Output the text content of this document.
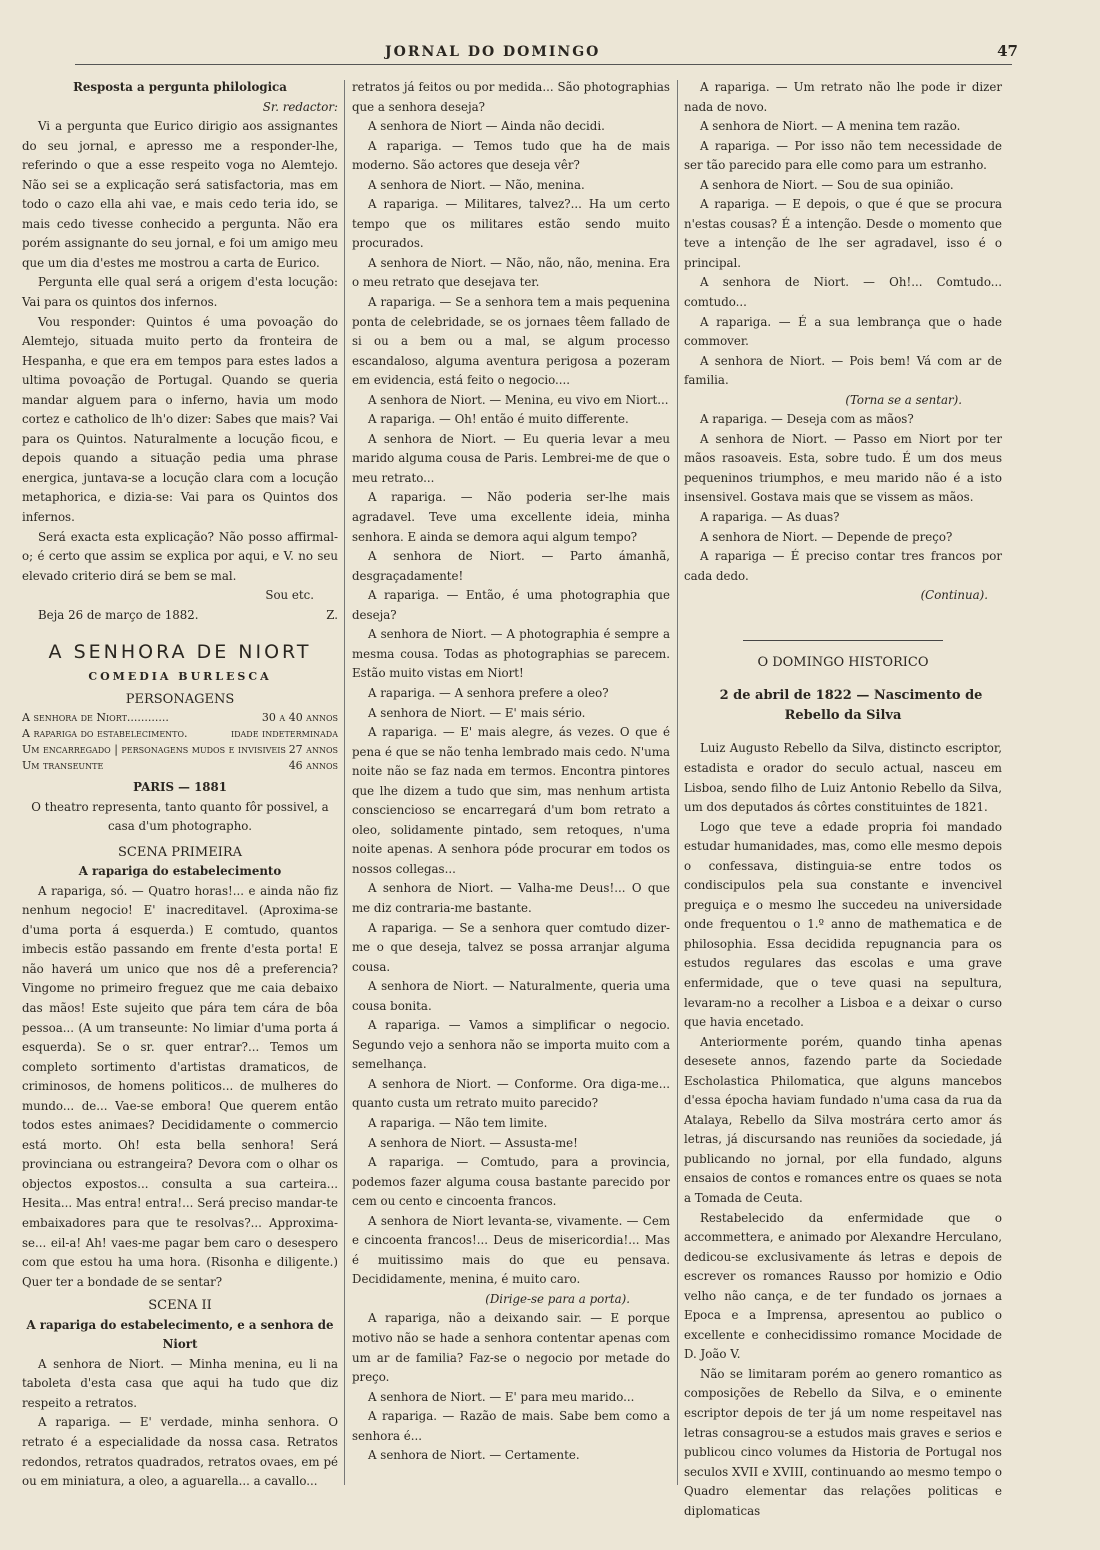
JORNAL DO DOMINGO	47

Resposta a pergunta philologica

Sr. redactor:

Vi a pergunta que Eurico dirigio aos assignantes do seu jornal, e apresso me a responder-lhe, referindo o que a esse respeito voga no Alemtejo. Não sei se a explicação será satisfactoria, mas em todo o cazo ella ahi vae, e mais cedo teria ido, se mais cedo tivesse conhecido a pergunta. Não era porém assignante do seu jornal, e foi um amigo meu que um dia d'estes me mostrou a carta de Eurico.

Pergunta elle qual será a origem d'esta locução: Vai para os quintos dos infernos.

Vou responder: Quintos é uma povoação do Alemtejo, situada muito perto da fronteira de Hespanha, e que era em tempos para estes lados a ultima povoação de Portugal. Quando se queria mandar alguem para o inferno, havia um modo cortez e catholico de lh'o dizer: Sabes que mais? Vai para os Quintos. Naturalmente a locução ficou, e depois quando a situação pedia uma phrase energica, juntava-se a locução clara com a locução metaphorica, e dizia-se: Vai para os Quintos dos infernos.

Será exacta esta explicação? Não posso affirmal-o; é certo que assim se explica por aqui, e V. no seu elevado criterio dirá se bem se mal.

Sou etc.

Beja 26 de março de 1882.	Z.
A SENHORA DE NIORT
COMEDIA BURLESCA
PERSONAGENS
A senhora de Niort............	30 a 40 annos
A rapariga do estabelecimento.	idade indeterminada
Um encarregado | personagens mudos e invisiveis 27 annos
Um transeunte	46 annos

PARIS — 1881

O theatro representa, tanto quanto fôr possivel, a casa d'um photographo.

SCENA PRIMEIRA

A rapariga do estabelecimento

A rapariga, só. — Quatro horas!... e ainda não fiz nenhum negocio! E' inacreditavel. (Aproxima-se d'uma porta á esquerda.) E comtudo, quantos imbecis estão passando em frente d'esta porta! E não haverá um unico que nos dê a preferencia? Vingome no primeiro freguez que me caia debaixo das mãos! Este sujeito que pára tem cára de bôa pessoa... (A um transeunte: No limiar d'uma porta á esquerda). Se o sr. quer entrar?... Temos um completo sortimento d'artistas dramaticos, de criminosos, de homens politicos... de mulheres do mundo... de... Vae-se embora! Que querem então todos estes animaes? Decididamente o commercio está morto. Oh! esta bella senhora! Será provinciana ou estrangeira? Devora com o olhar os objectos expostos... consulta a sua carteira... Hesita... Mas entra! entra!... Será preciso mandar-te embaixadores para que te resolvas?... Approxima-se... eil-a! Ah! vaes-me pagar bem caro o desespero com que estou ha uma hora. (Risonha e diligente.) Quer ter a bondade de se sentar?

SCENA II

A rapariga do estabelecimento, e a senhora de Niort

A senhora de Niort. — Minha menina, eu li na taboleta d'esta casa que aqui ha tudo que diz respeito a retratos.

A rapariga. — E' verdade, minha senhora. O retrato é a especialidade da nossa casa. Retratos redondos, retratos quadrados, retratos ovaes, em pé ou em miniatura, a oleo, a aguarella... a cavallo...

retratos já feitos ou por medida... São photographias que a senhora deseja?

A senhora de Niort — Ainda não decidi.

A rapariga. — Temos tudo que ha de mais moderno. São actores que deseja vêr?

A senhora de Niort. — Não, menina.

A rapariga. — Militares, talvez?... Ha um certo tempo que os militares estão sendo muito procurados.

A senhora de Niort. — Não, não, não, menina. Era o meu retrato que desejava ter.

A rapariga. — Se a senhora tem a mais pequenina ponta de celebridade, se os jornaes têem fallado de si ou a bem ou a mal, se algum processo escandaloso, alguma aventura perigosa a pozeram em evidencia, está feito o negocio....

A senhora de Niort. — Menina, eu vivo em Niort...

A rapariga. — Oh! então é muito differente.

A senhora de Niort. — Eu queria levar a meu marido alguma cousa de Paris. Lembrei-me de que o meu retrato...

A rapariga. — Não poderia ser-lhe mais agradavel. Teve uma excellente ideia, minha senhora. E ainda se demora aqui algum tempo?

A senhora de Niort. — Parto ámanhã, desgraçadamente!

A rapariga. — Então, é uma photographia que deseja?

A senhora de Niort. — A photographia é sempre a mesma cousa. Todas as photographias se parecem. Estão muito vistas em Niort!

A rapariga. — A senhora prefere a oleo?

A senhora de Niort. — E' mais sério.

A rapariga. — E' mais alegre, ás vezes. O que é pena é que se não tenha lembrado mais cedo. N'uma noite não se faz nada em termos. Encontra pintores que lhe dizem a tudo que sim, mas nenhum artista consciencioso se encarregará d'um bom retrato a oleo, solidamente pintado, sem retoques, n'uma noite apenas. A senhora póde procurar em todos os nossos collegas...

A senhora de Niort. — Valha-me Deus!... O que me diz contraria-me bastante.

A rapariga. — Se a senhora quer comtudo dizer-me o que deseja, talvez se possa arranjar alguma cousa.

A senhora de Niort. — Naturalmente, queria uma cousa bonita.

A rapariga. — Vamos a simplificar o negocio. Segundo vejo a senhora não se importa muito com a semelhança.

A senhora de Niort. — Conforme. Ora diga-me... quanto custa um retrato muito parecido?

A rapariga. — Não tem limite.

A senhora de Niort. — Assusta-me!

A rapariga. — Comtudo, para a provincia, podemos fazer alguma cousa bastante parecido por cem ou cento e cincoenta francos.

A senhora de Niort levanta-se, vivamente. — Cem e cincoenta francos!... Deus de misericordia!... Mas é muitissimo mais do que eu pensava. Decididamente, menina, é muito caro.

(Dirige-se para a porta).

A rapariga, não a deixando sair. — E porque motivo não se hade a senhora contentar apenas com um ar de familia? Faz-se o negocio por metade do preço.

A senhora de Niort. — E' para meu marido...

A rapariga. — Razão de mais. Sabe bem como a senhora é...

A senhora de Niort. — Certamente.

A rapariga. — Um retrato não lhe pode ir dizer nada de novo.

A senhora de Niort. — A menina tem razão.

A rapariga. — Por isso não tem necessidade de ser tão parecido para elle como para um estranho.

A senhora de Niort. — Sou de sua opinião.

A rapariga. — E depois, o que é que se procura n'estas cousas? É a intenção. Desde o momento que teve a intenção de lhe ser agradavel, isso é o principal.

A senhora de Niort. — Oh!... Comtudo... comtudo...

A rapariga. — É a sua lembrança que o hade commover.

A senhora de Niort. — Pois bem! Vá com ar de familia.

(Torna se a sentar).

A rapariga. — Deseja com as mãos?

A senhora de Niort. — Passo em Niort por ter mãos rasoaveis. Esta, sobre tudo. É um dos meus pequeninos triumphos, e meu marido não é a isto insensivel. Gostava mais que se vissem as mãos.

A rapariga. — As duas?

A senhora de Niort. — Depende de preço?

A rapariga — É preciso contar tres francos por cada dedo.

(Continua).

O DOMINGO HISTORICO

2 de abril de 1822 — Nascimento de Rebello da Silva

Luiz Augusto Rebello da Silva, distincto escriptor, estadista e orador do seculo actual, nasceu em Lisboa, sendo filho de Luiz Antonio Rebello da Silva, um dos deputados ás côrtes constituintes de 1821.

Logo que teve a edade propria foi mandado estudar humanidades, mas, como elle mesmo depois o confessava, distinguia-se entre todos os condiscipulos pela sua constante e invencivel preguiça e o mesmo lhe succedeu na universidade onde frequentou o 1.º anno de mathematica e de philosophia. Essa decidida repugnancia para os estudos regulares das escolas e uma grave enfermidade, que o teve quasi na sepultura, levaram-no a recolher a Lisboa e a deixar o curso que havia encetado.

Anteriormente porém, quando tinha apenas desesete annos, fazendo parte da Sociedade Escholastica Philomatica, que alguns mancebos d'essa épocha haviam fundado n'uma casa da rua da Atalaya, Rebello da Silva mostrára certo amor ás letras, já discursando nas reuniões da sociedade, já publicando no jornal, por ella fundado, alguns ensaios de contos e romances entre os quaes se nota a Tomada de Ceuta.

Restabelecido da enfermidade que o accommettera, e animado por Alexandre Herculano, dedicou-se exclusivamente ás letras e depois de escrever os romances Rausso por homizio e Odio velho não cança, e de ter fundado os jornaes a Epoca e a Imprensa, apresentou ao publico o excellente e conhecidissimo romance Mocidade de D. João V.

Não se limitaram porém ao genero romantico as composições de Rebello da Silva, e o eminente escriptor depois de ter já um nome respeitavel nas letras consagrou-se a estudos mais graves e serios e publicou cinco volumes da Historia de Portugal nos seculos XVII e XVIII, continuando ao mesmo tempo o Quadro elementar das relações politicas e diplomaticas
